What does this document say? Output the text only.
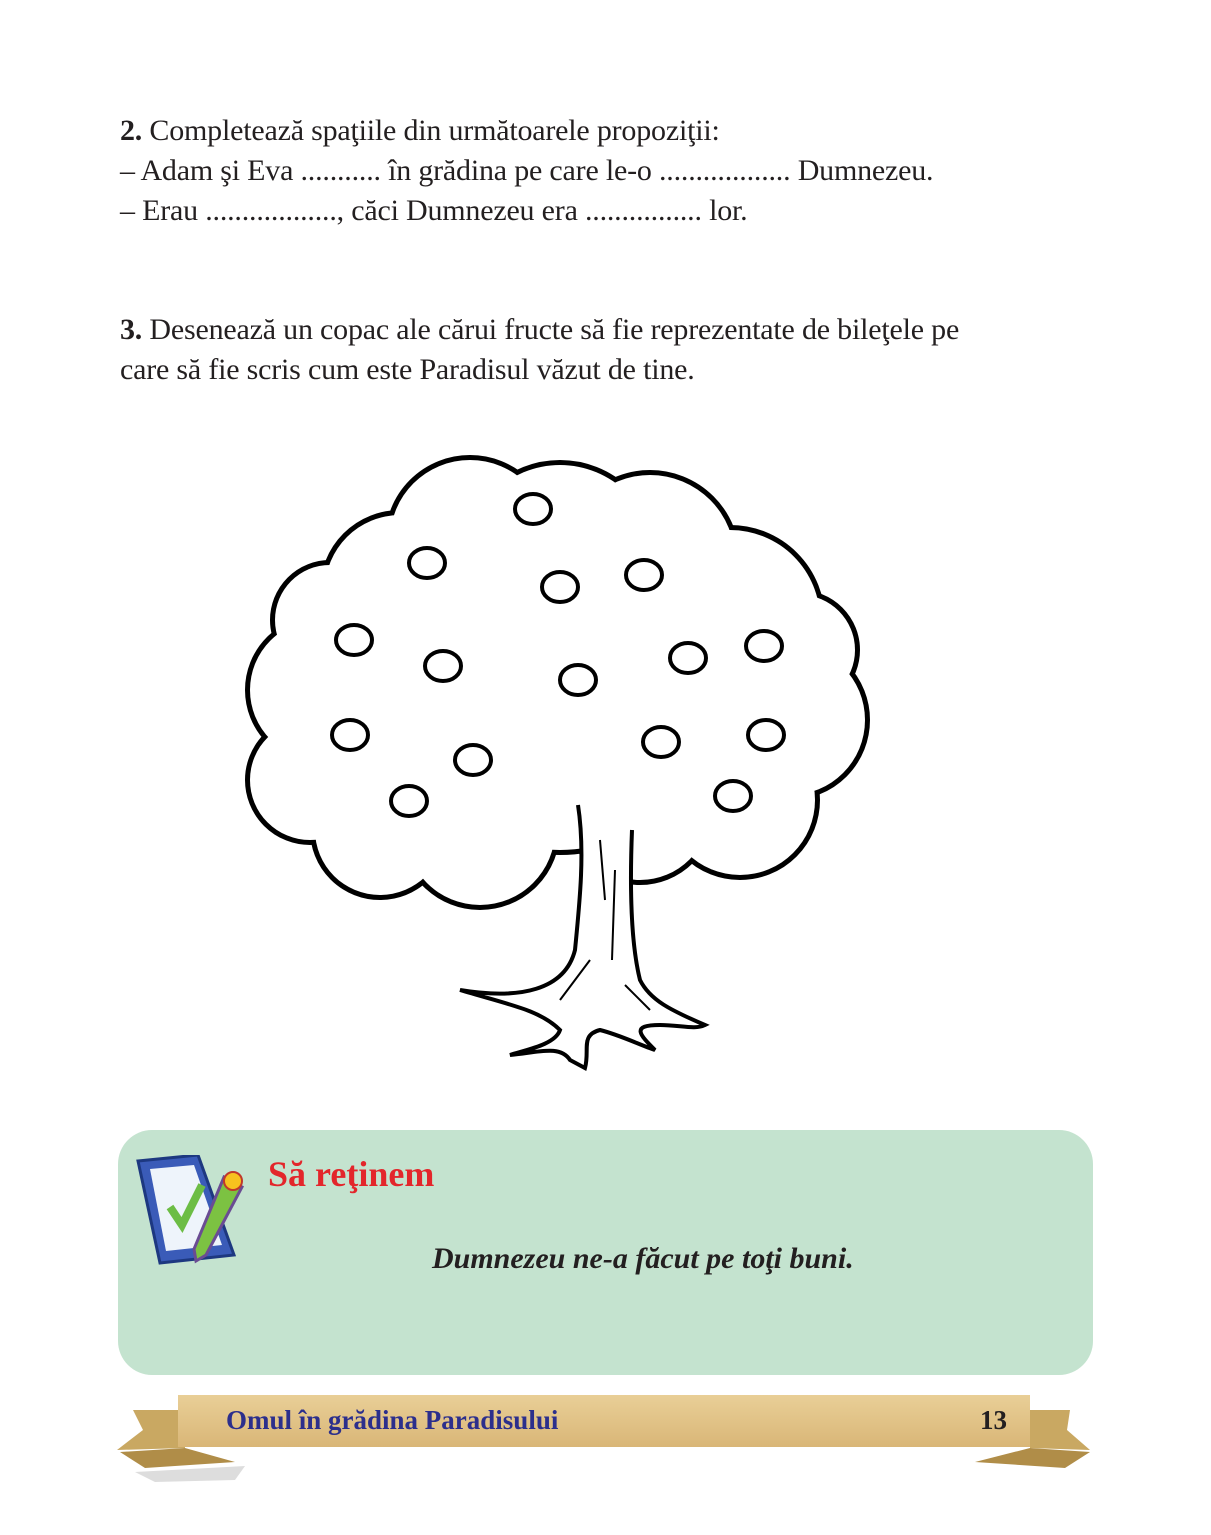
2. Completează spaţiile din următoarele propoziţii:
– Adam şi Eva ........... în grădina pe care le-o .................. Dumnezeu.
– Erau .................., căci Dumnezeu era ................ lor.
3. Desenează un copac ale cărui fructe să fie reprezentate de bileţele pe
care să fie scris cum este Paradisul văzut de tine.
Să reţinem
Dumnezeu ne-a făcut pe toţi buni.
Omul în grădina Paradisului	13
